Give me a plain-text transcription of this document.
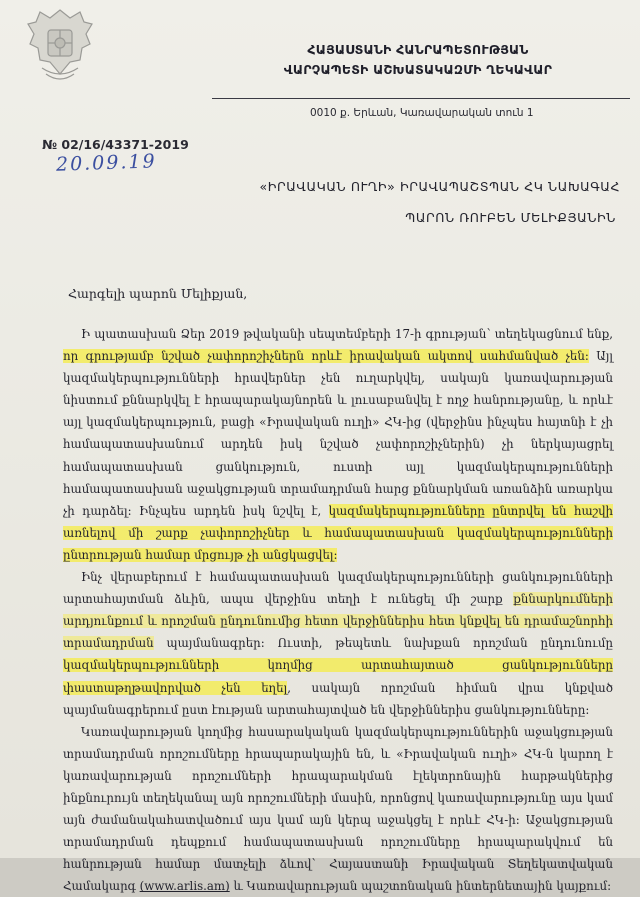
ՀԱՅԱՍՏԱՆԻ ՀԱՆՐԱՊԵՏՈՒԹՅԱՆ
ՎԱՐՉԱՊԵՏԻ ԱՇԽԱՏԱԿԱԶՄԻ ՂԵԿԱՎԱՐ
0010 ք. Երևան, Կառավարական տուն 1
№ 02/16/43371-2019
20.09.19
«ԻՐԱՎԱԿԱՆ ՈՒՂԻ» ԻՐԱՎԱՊԱՇՏՊԱՆ ՀԿ ՆԱԽԱԳԱՀ
ՊԱՐՈՆ ՌՈՒԲԵՆ ՄԵԼԻՔՅԱՆԻՆ
Հարգելի պարոն Մելիքյան,

Ի պատասխան Ձեր 2019 թվականի սեպտեմբերի 17-ի գրության՝ տեղեկացնում ենք, որ գրությամբ նշված չափորոշիչներն որևէ իրավական ակտով սահմանված չեն: Այլ կազմակերպությունների հրավերներ չեն ուղարկվել, սակայն կառավարության նիստում քննարկվել է հրապարակայնորեն և լուսաբանվել է ողջ հանրությանը, և որևէ այլ կազմակերպություն, բացի «Իրավական ուղի» ՀԿ-ից (վերջինս ինչպես հայտնի է չի համապատասխանում արդեն իսկ նշված չափորոշիչներին) չի ներկայացրել համապատասխան ցանկություն, ուստի այլ կազմակերպությունների համապատասխան աջակցության տրամադրման հարց քննարկման առանձին առարկա չի դարձել: Ինչպես արդեն իսկ նշվել է, կազմակերպությունները ընտրվել են հաշվի առնելով մի շարք չափորոշիչներ և համապատասխան կազմակերպությունների ընտրության համար մրցույթ չի անցկացվել:

Ինչ վերաբերում է համապատասխան կազմակերպությունների ցանկությունների արտահայտման ձևին, ապա վերջինս տեղի է ունեցել մի շարք քննարկումների արդյունքում և որոշման ընդունումից հետո վերջիններիս հետ կնքվել են դրամաշնորհի տրամադրման պայմանագրեր: Ուստի, թեպետև նախքան որոշման ընդունումը կազմակերպությունների կողմից արտահայտած ցանկությունները փաստաթղթավորված չեն եղել, սակայն որոշման հիման վրա կնքված պայմանագրերում ըստ էության արտահայտված են վերջիններիս ցանկությունները:

Կառավարության կողմից հասարակական կազմակերպություններին աջակցության տրամադրման որոշումները հրապարակային են, և «Իրավական ուղի» ՀԿ-ն կարող է կառավարության որոշումների հրապարակման էլեկտրոնային հարթակներից ինքնուրույն տեղեկանալ այն որոշումների մասին, որոնցով կառավարությունը այս կամ այն ժամանակահատվածում այս կամ այն կերպ աջակցել է որևէ ՀԿ-ի: Աջակցության տրամադրման դեպքում համապատասխան որոշումները հրապարակվում են հանրության համար մատչելի ձևով՝ Հայաստանի Իրավական Տեղեկատվական Համակարգ (www.arlis.am) և Կառավարության պաշտոնական ինտերնետային կայքում:
